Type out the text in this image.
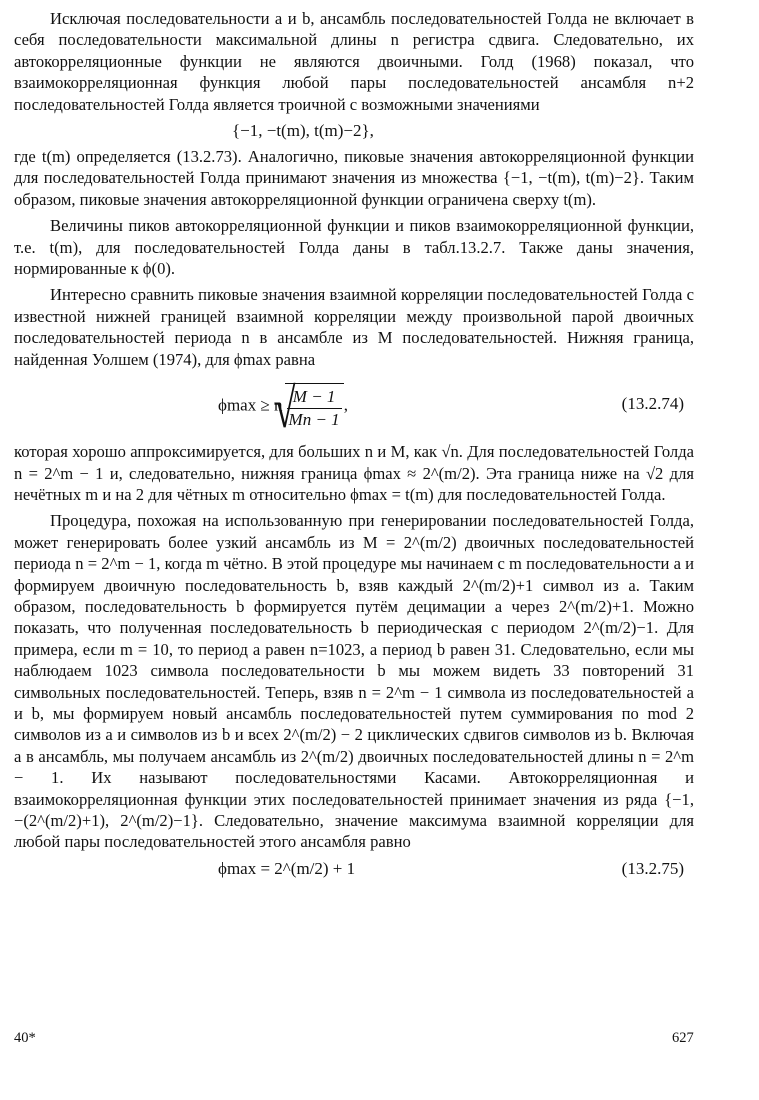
Исключая последовательности a и b, ансамбль последовательностей Голда не включает в себя последовательности максимальной длины n регистра сдвига. Следовательно, их автокорреляционные функции не являются двоичными. Голд (1968) показал, что взаимокорреляционная функция любой пары последовательностей ансамбля n+2 последовательностей Голда является троичной с возможными значениями

{−1, −t(m), t(m)−2},

где t(m) определяется (13.2.73). Аналогично, пиковые значения автокорреляционной функции для последовательностей Голда принимают значения из множества {−1, −t(m), t(m)−2}. Таким образом, пиковые значения автокорреляционной функции ограничена сверху t(m).

Величины пиков автокорреляционной функции и пиков взаимокорреляционной функции, т.е. t(m), для последовательностей Голда даны в табл.13.2.7. Также даны значения, нормированные к ϕ(0).

Интересно сравнить пиковые значения взаимной корреляции последовательностей Голда с известной нижней границей взаимной корреляции между произвольной парой двоичных последовательностей периода n в ансамбле из M последовательностей. Нижняя граница, найденная Уолшем (1974), для ϕmax равна

ϕmax ≥ n √ $\frac{M - 1}{Mn - 1}$ ,	(13.2.74)

которая хорошо аппроксимируется, для больших n и M, как √n. Для последовательностей Голда n = 2^m − 1 и, следовательно, нижняя граница ϕmax ≈ 2^(m/2). Эта граница ниже на √2 для нечётных m и на 2 для чётных m относительно ϕmax = t(m) для последовательностей Голда.

Процедура, похожая на использованную при генерировании последовательностей Голда, может генерировать более узкий ансамбль из M = 2^(m/2) двоичных последовательностей периода n = 2^m − 1, когда m чётно. В этой процедуре мы начинаем с m последовательности a и формируем двоичную последовательность b, взяв каждый 2^(m/2)+1 символ из a. Таким образом, последовательность b формируется путём децимации a через 2^(m/2)+1. Можно показать, что полученная последовательность b периодическая с периодом 2^(m/2)−1. Для примера, если m = 10, то период a равен n=1023, а период b равен 31. Следовательно, если мы наблюдаем 1023 символа последовательности b мы можем видеть 33 повторений 31 символьных последовательностей. Теперь, взяв n = 2^m − 1 символа из последовательностей a и b, мы формируем новый ансамбль последовательностей путем суммирования по mod 2 символов из a и символов из b и всех 2^(m/2) − 2 циклических сдвигов символов из b. Включая a в ансамбль, мы получаем ансамбль из 2^(m/2) двоичных последовательностей длины n = 2^m − 1. Их называют последовательностями Касами. Автокорреляционная и взаимокорреляционная функции этих последовательностей принимает значения из ряда {−1, −(2^(m/2)+1), 2^(m/2)−1}. Следовательно, значение максимума взаимной корреляции для любой пары последовательностей этого ансамбля равно

ϕmax = 2^(m/2) + 1	(13.2.75)
40*	627
